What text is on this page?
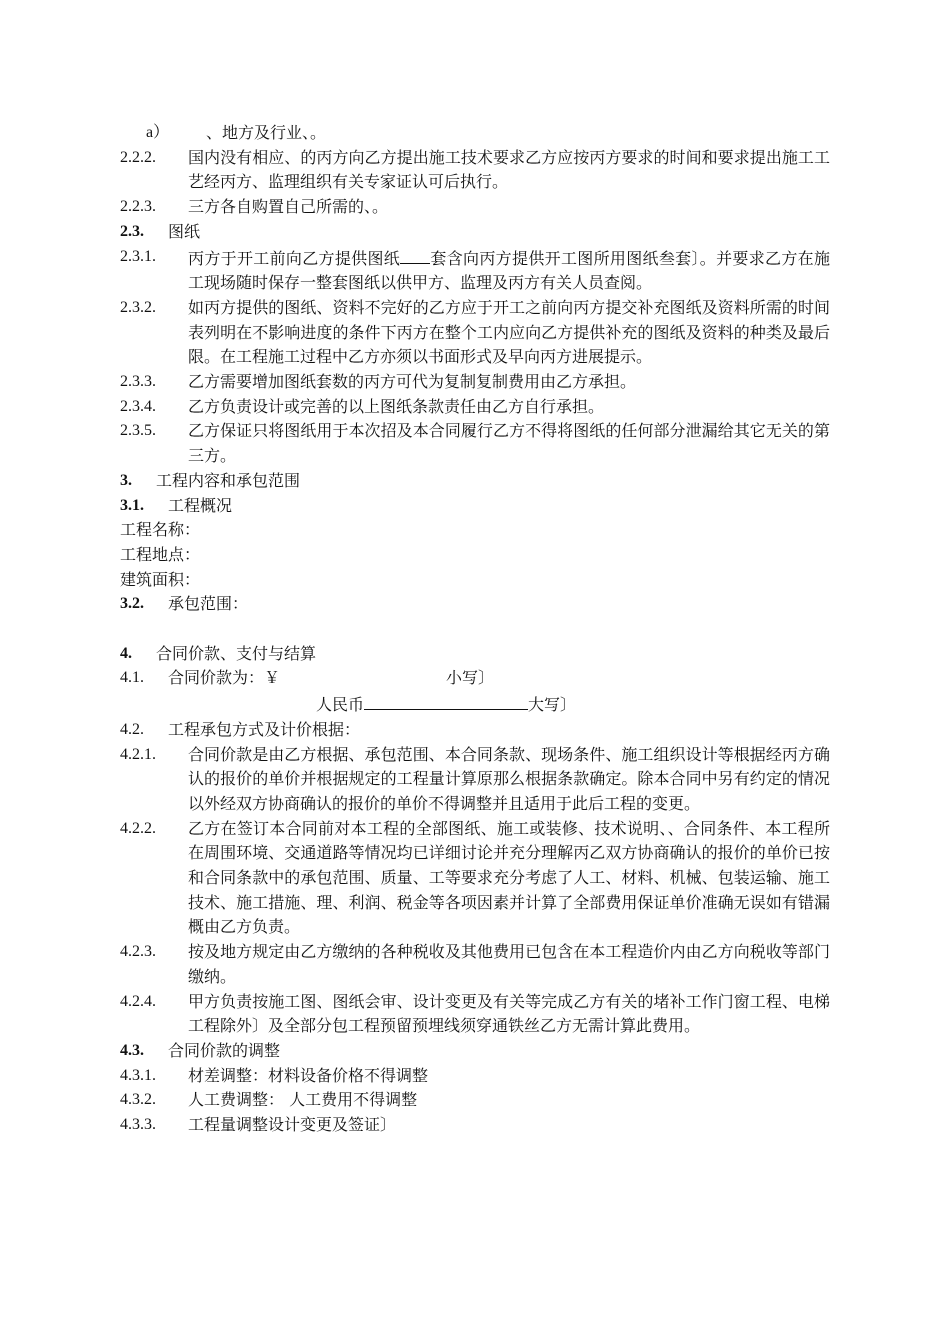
a）	、地方及行业、。
2.2.2.	国内没有相应、的丙方向乙方提出施工技术要求乙方应按丙方要求的时间和要求提出施工工艺经丙方、监理组织有关专家证认可后执行。
2.2.3.	三方各自购置自己所需的、。
2.3.	图纸
2.3.1.	丙方于开工前向乙方提供图纸 套含向丙方提供开工图所用图纸叁套〕。并要求乙方在施工现场随时保存一整套图纸以供甲方、监理及丙方有关人员查阅。
2.3.2.	如丙方提供的图纸、资料不完好的乙方应于开工之前向丙方提交补充图纸及资料所需的时间表列明在不影响进度的条件下丙方在整个工内应向乙方提供补充的图纸及资料的种类及最后限。在工程施工过程中乙方亦须以书面形式及早向丙方进展提示。
2.3.3.	乙方需要增加图纸套数的丙方可代为复制复制费用由乙方承担。
2.3.4.	乙方负责设计或完善的以上图纸条款责任由乙方自行承担。
2.3.5.	乙方保证只将图纸用于本次招及本合同履行乙方不得将图纸的任何部分泄漏给其它无关的第三方。
3.	工程内容和承包范围
3.1.	工程概况
工程名称：
工程地点：
建筑面积：
3.2.	承包范围：
4.	合同价款、支付与结算
4.1.	合同价款为：￥	小写〕
人民币	大写〕
4.2.	工程承包方式及计价根据：
4.2.1.	合同价款是由乙方根据、承包范围、本合同条款、现场条件、施工组织设计等根据经丙方确认的报价的单价并根据规定的工程量计算原那么根据条款确定。除本合同中另有约定的情况以外经双方协商确认的报价的单价不得调整并且适用于此后工程的变更。
4.2.2.	乙方在签订本合同前对本工程的全部图纸、施工或装修、技术说明、、合同条件、本工程所在周围环境、交通道路等情况均已详细讨论并充分理解丙乙双方协商确认的报价的单价已按和合同条款中的承包范围、质量、工等要求充分考虑了人工、材料、机械、包装运输、施工技术、施工措施、理、利润、税金等各项因素并计算了全部费用保证单价准确无误如有错漏概由乙方负责。
4.2.3.	按及地方规定由乙方缴纳的各种税收及其他费用已包含在本工程造价内由乙方向税收等部门缴纳。
4.2.4.	甲方负责按施工图、图纸会审、设计变更及有关等完成乙方有关的堵补工作门窗工程、电梯工程除外〕及全部分包工程预留预埋线须穿通铁丝乙方无需计算此费用。
4.3.	合同价款的调整
4.3.1.	材差调整：材料设备价格不得调整
4.3.2.	人工费调整： 人工费用不得调整
4.3.3.	工程量调整设计变更及签证〕
